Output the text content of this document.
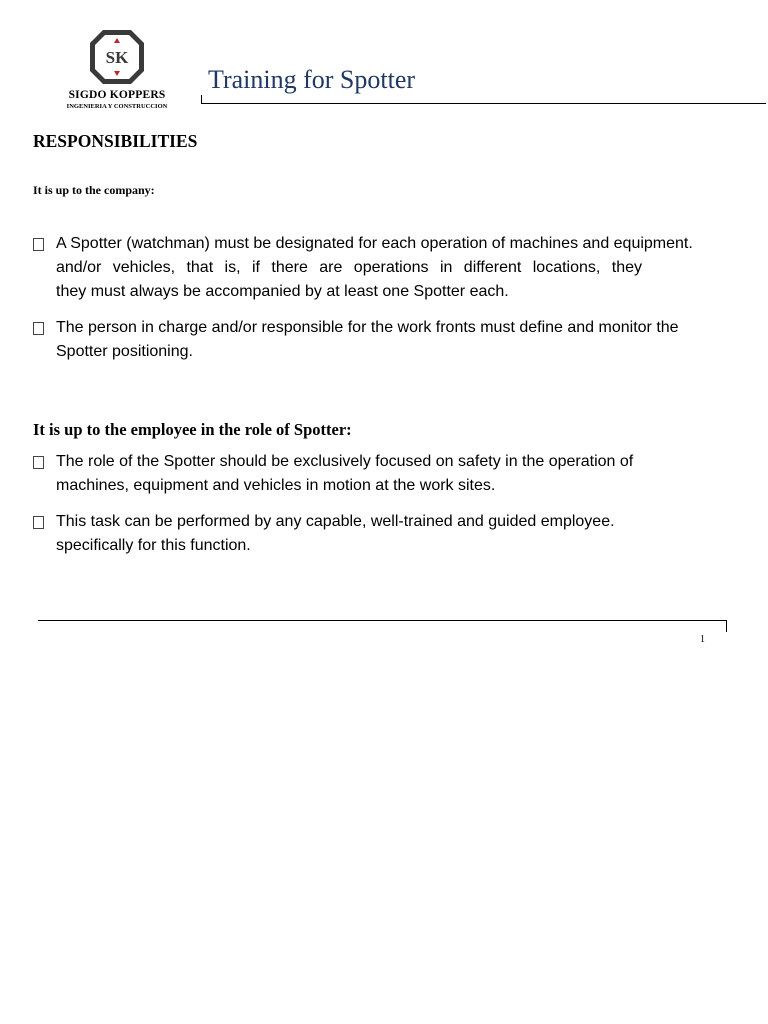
SK
SIGDO KOPPERS
INGENIERIA Y CONSTRUCCION
Training for Spotter
RESPONSIBILITIES
It is up to the company:
A Spotter (watchman) must be designated for each operation of machines and equipment.
and/or vehicles, that is, if there are operations in different locations, they
they must always be accompanied by at least one Spotter each.
The person in charge and/or responsible for the work fronts must define and monitor the
Spotter positioning.
It is up to the employee in the role of Spotter:
The role of the Spotter should be exclusively focused on safety in the operation of
machines, equipment and vehicles in motion at the work sites.
This task can be performed by any capable, well-trained and guided employee.
specifically for this function.
1
